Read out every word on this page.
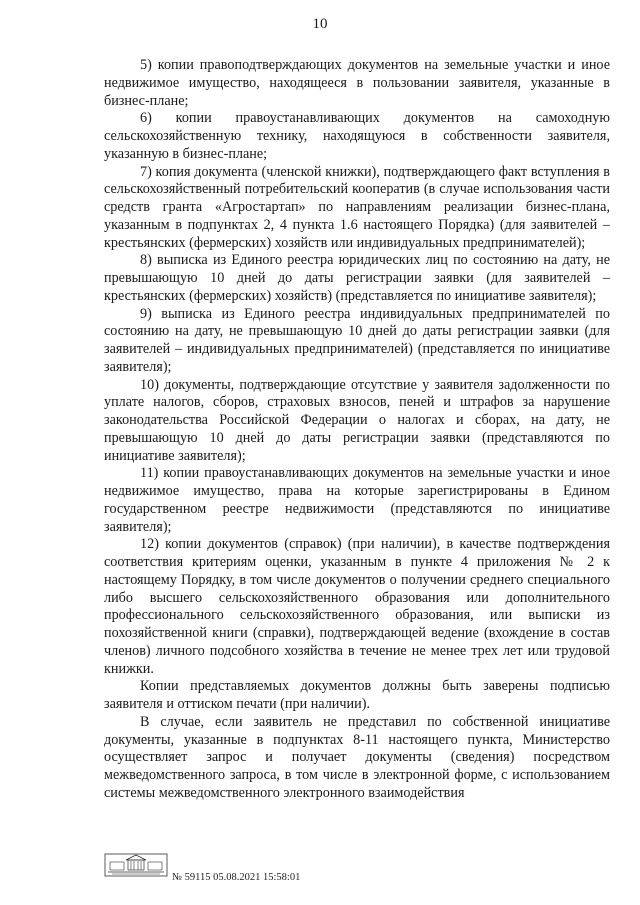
10

5) копии правоподтверждающих документов на земельные участки и иное недвижимое имущество, находящееся в пользовании заявителя, указанные в бизнес-плане;

6) копии правоустанавливающих документов на самоходную сельскохозяйственную технику, находящуюся в собственности заявителя, указанную в бизнес-плане;

7) копия документа (членской книжки), подтверждающего факт вступления в сельскохозяйственный потребительский кооператив (в случае использования части средств гранта «Агростартап» по направлениям реализации бизнес-плана, указанным в подпунктах 2, 4 пункта 1.6 настоящего Порядка) (для заявителей – крестьянских (фермерских) хозяйств или индивидуальных предпринимателей);

8) выписка из Единого реестра юридических лиц по состоянию на дату, не превышающую 10 дней до даты регистрации заявки (для заявителей – крестьянских (фермерских) хозяйств) (представляется по инициативе заявителя);

9) выписка из Единого реестра индивидуальных предпринимателей по состоянию на дату, не превышающую 10 дней до даты регистрации заявки (для заявителей – индивидуальных предпринимателей) (представляется по инициативе заявителя);

10) документы, подтверждающие отсутствие у заявителя задолженности по уплате налогов, сборов, страховых взносов, пеней и штрафов за нарушение законодательства Российской Федерации о налогах и сборах, на дату, не превышающую 10 дней до даты регистрации заявки (представляются по инициативе заявителя);

11) копии правоустанавливающих документов на земельные участки и иное недвижимое имущество, права на которые зарегистрированы в Едином государственном реестре недвижимости (представляются по инициативе заявителя);

12) копии документов (справок) (при наличии), в качестве подтверждения соответствия критериям оценки, указанным в пункте 4 приложения № 2 к настоящему Порядку, в том числе документов о получении среднего специального либо высшего сельскохозяйственного образования или дополнительного профессионального сельскохозяйственного образования, или выписки из похозяйственной книги (справки), подтверждающей ведение (вхождение в состав членов) личного подсобного хозяйства в течение не менее трех лет или трудовой книжки.

Копии представляемых документов должны быть заверены подписью заявителя и оттиском печати (при наличии).

В случае, если заявитель не представил по собственной инициативе документы, указанные в подпунктах 8-11 настоящего пункта, Министерство осуществляет запрос и получает документы (сведения) посредством межведомственного запроса, в том числе в электронной форме, с использованием системы межведомственного электронного взаимодействия

№ 59115 05.08.2021 15:58:01
